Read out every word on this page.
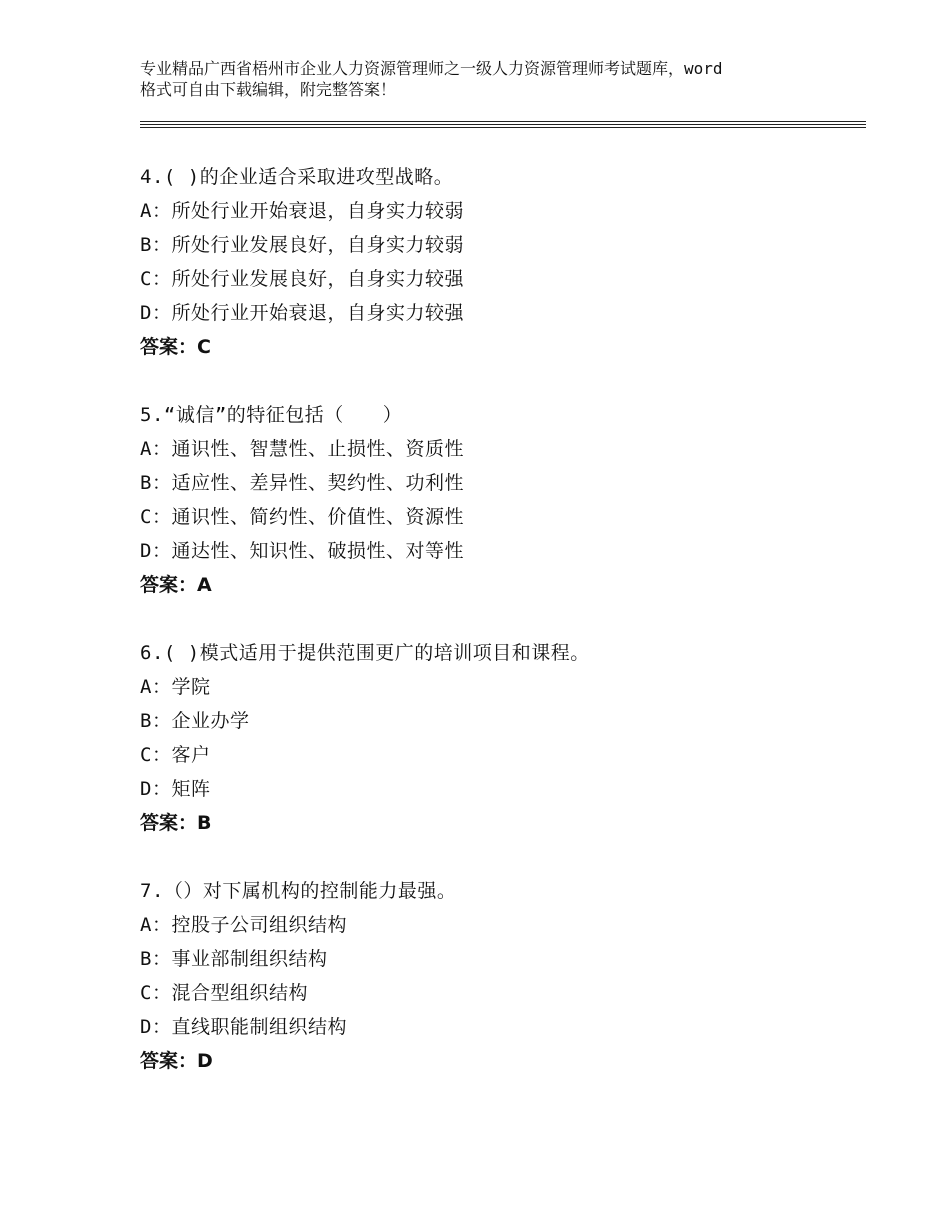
专业精品广西省梧州市企业人力资源管理师之一级人力资源管理师考试题库，word
格式可自由下载编辑，附完整答案！
4.( )的企业适合采取进攻型战略。
A：所处行业开始衰退，自身实力较弱
B：所处行业发展良好，自身实力较弱
C：所处行业发展良好，自身实力较强
D：所处行业开始衰退，自身实力较强
答案：C
5.“诚信”的特征包括（　　）
A：通识性、智慧性、止损性、资质性
B：适应性、差异性、契约性、功利性
C：通识性、简约性、价值性、资源性
D：通达性、知识性、破损性、对等性
答案：A
6.( )模式适用于提供范围更广的培训项目和课程。
A：学院
B：企业办学
C：客户
D：矩阵
答案：B
7.（）对下属机构的控制能力最强。
A：控股子公司组织结构
B：事业部制组织结构
C：混合型组织结构
D：直线职能制组织结构
答案：D
